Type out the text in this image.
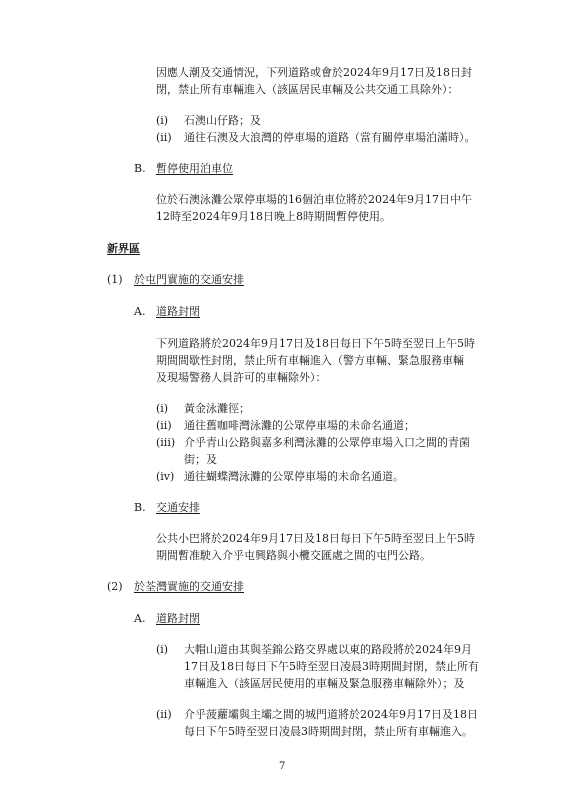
因應人潮及交通情況，下列道路或會於2024年9月17日及18日封
閉，禁止所有車輛進入（該區居民車輛及公共交通工具除外）：
(i) 石澳山仔路；及
(ii) 通往石澳及大浪灣的停車場的道路（當有關停車場泊滿時）。
B. 暫停使用泊車位
位於石澳泳灘公眾停車場的16個泊車位將於2024年9月17日中午
12時至2024年9月18日晚上8時期間暫停使用。
新界區
(1) 於屯門實施的交通安排
A. 道路封閉
下列道路將於2024年9月17日及18日每日下午5時至翌日上午5時
期間間歇性封閉，禁止所有車輛進入（警方車輛、緊急服務車輛
及現場警務人員許可的車輛除外）：
(i) 黃金泳灘徑；
(ii) 通往舊咖啡灣泳灘的公眾停車場的未命名通道；
(iii) 介乎青山公路與嘉多利灣泳灘的公眾停車場入口之間的青菌
街；及
(iv) 通往蝴蝶灣泳灘的公眾停車場的未命名通道。
B. 交通安排
公共小巴將於2024年9月17日及18日每日下午5時至翌日上午5時
期間暫准駛入介乎屯興路與小欖交匯處之間的屯門公路。
(2) 於荃灣實施的交通安排
A. 道路封閉
(i) 大帽山道由其與荃錦公路交界處以東的路段將於2024年9月
17日及18日每日下午5時至翌日凌晨3時期間封閉，禁止所有
車輛進入（該區居民使用的車輛及緊急服務車輛除外）；及
(ii) 介乎菠蘿壩與主壩之間的城門道將於2024年9月17日及18日
每日下午5時至翌日凌晨3時期間封閉，禁止所有車輛進入。
7
